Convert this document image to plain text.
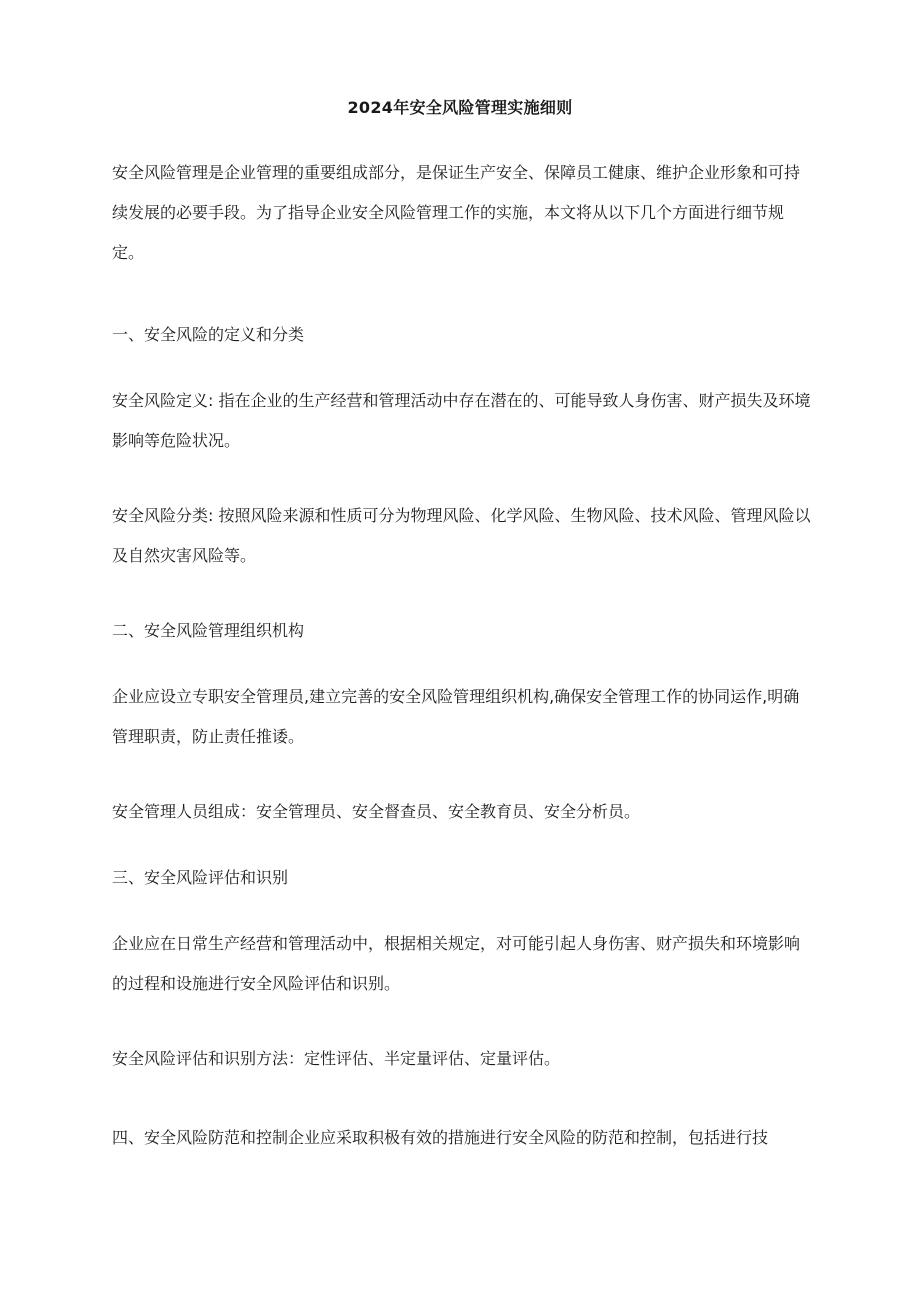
2024年安全风险管理实施细则

安全风险管理是企业管理的重要组成部分，是保证生产安全、保障员工健康、维护企业形象和可持续发展的必要手段。为了指导企业安全风险管理工作的实施，本文将从以下几个方面进行细节规定。

一、安全风险的定义和分类

安全风险定义: 指在企业的生产经营和管理活动中存在潜在的、可能导致人身伤害、财产损失及环境影响等危险状况。

安全风险分类: 按照风险来源和性质可分为物理风险、化学风险、生物风险、技术风险、管理风险以及自然灾害风险等。

二、安全风险管理组织机构

企业应设立专职安全管理员,建立完善的安全风险管理组织机构,确保安全管理工作的协同运作,明确管理职责，防止责任推诿。

安全管理人员组成：安全管理员、安全督查员、安全教育员、安全分析员。

三、安全风险评估和识别

企业应在日常生产经营和管理活动中，根据相关规定，对可能引起人身伤害、财产损失和环境影响的过程和设施进行安全风险评估和识别。

安全风险评估和识别方法：定性评估、半定量评估、定量评估。

四、安全风险防范和控制企业应采取积极有效的措施进行安全风险的防范和控制，包括进行技
